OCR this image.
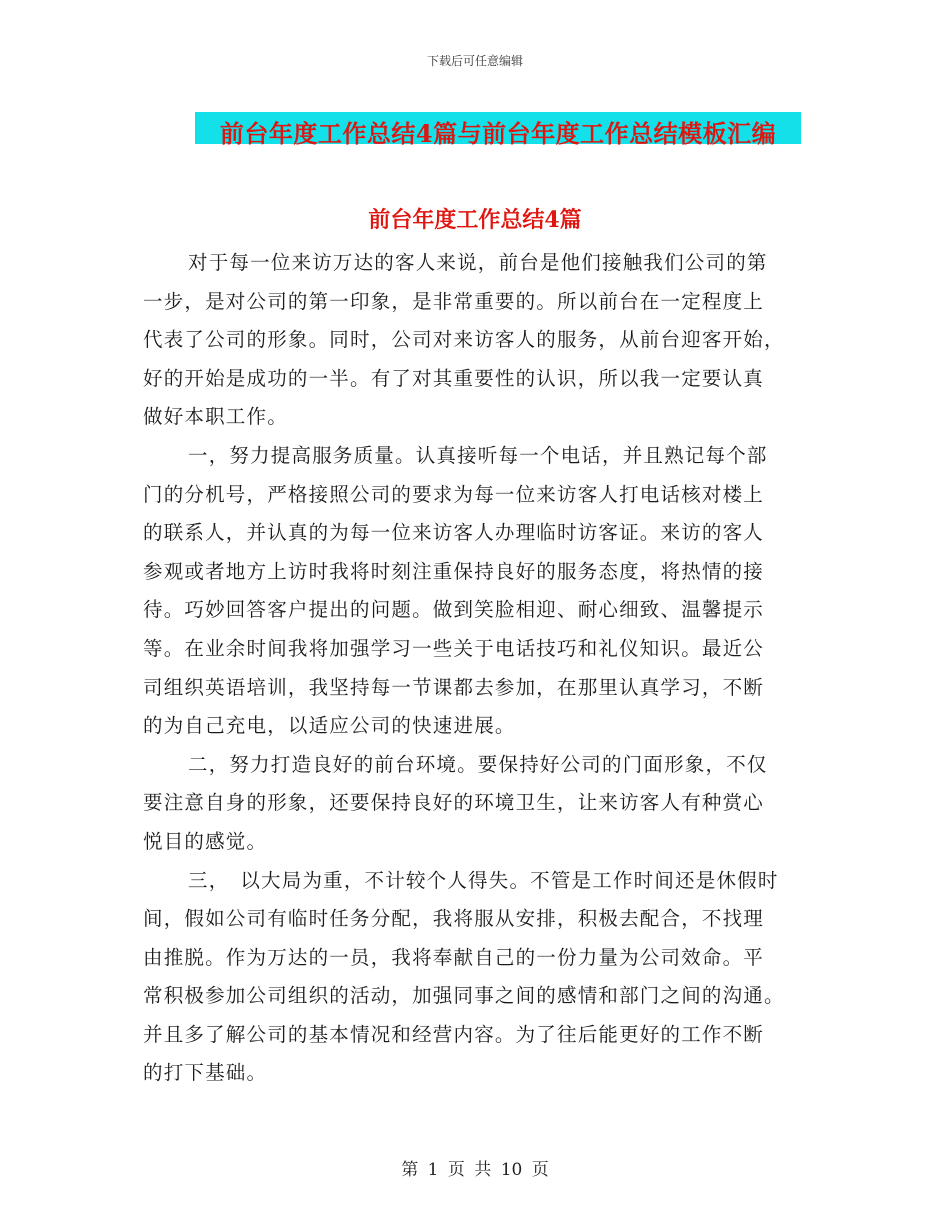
下载后可任意编辑
前台年度工作总结4篇与前台年度工作总结模板汇编
前台年度工作总结4篇
对于每一位来访万达的客人来说，前台是他们接触我们公司的第
一步，是对公司的第一印象，是非常重要的。所以前台在一定程度上
代表了公司的形象。同时，公司对来访客人的服务，从前台迎客开始，
好的开始是成功的一半。有了对其重要性的认识，所以我一定要认真
做好本职工作。
一，努力提高服务质量。认真接听每一个电话，并且熟记每个部
门的分机号，严格接照公司的要求为每一位来访客人打电话核对楼上
的联系人，并认真的为每一位来访客人办理临时访客证。来访的客人
参观或者地方上访时我将时刻注重保持良好的服务态度，将热情的接
待。巧妙回答客户提出的问题。做到笑脸相迎、耐心细致、温馨提示
等。在业余时间我将加强学习一些关于电话技巧和礼仪知识。最近公
司组织英语培训，我坚持每一节课都去参加，在那里认真学习，不断
的为自己充电，以适应公司的快速进展。
二，努力打造良好的前台环境。要保持好公司的门面形象，不仅
要注意自身的形象，还要保持良好的环境卫生，让来访客人有种赏心
悦目的感觉。
三，　以大局为重，不计较个人得失。不管是工作时间还是休假时
间，假如公司有临时任务分配，我将服从安排，积极去配合，不找理
由推脱。作为万达的一员，我将奉献自己的一份力量为公司效命。平
常积极参加公司组织的活动，加强同事之间的感情和部门之间的沟通。
并且多了解公司的基本情况和经营内容。为了往后能更好的工作不断
的打下基础。
第 1 页 共 10 页
